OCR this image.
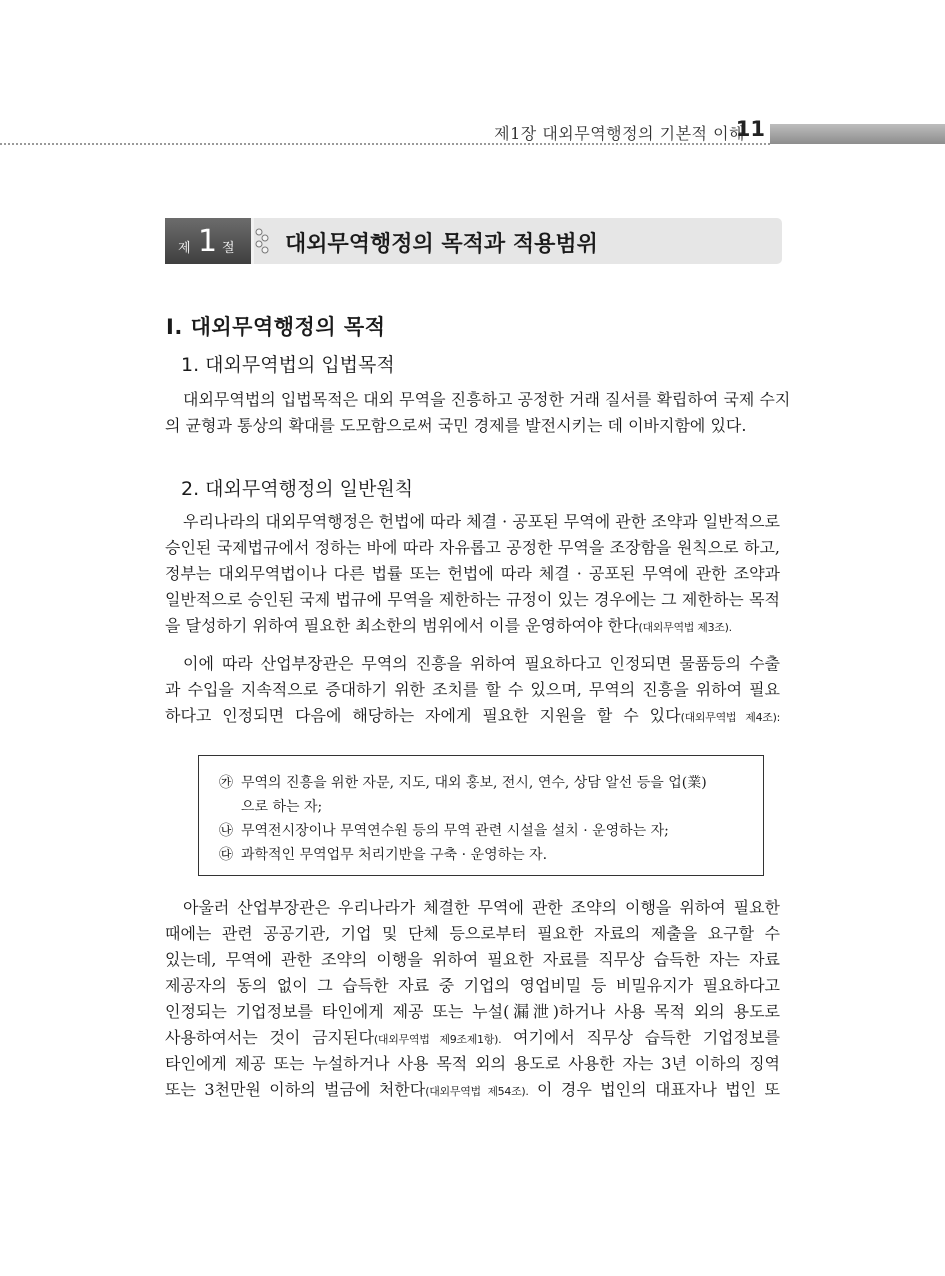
제1장 대외무역행정의 기본적 이해
11
제 1 절 대외무역행정의 목적과 적용범위
Ⅰ. 대외무역행정의 목적
1. 대외무역법의 입법목적
대외무역법의 입법목적은 대외 무역을 진흥하고 공정한 거래 질서를 확립하여 국제 수지
의 균형과 통상의 확대를 도모함으로써 국민 경제를 발전시키는 데 이바지함에 있다.
2. 대외무역행정의 일반원칙
우리나라의 대외무역행정은 헌법에 따라 체결 · 공포된 무역에 관한 조약과 일반적으로
승인된 국제법규에서 정하는 바에 따라 자유롭고 공정한 무역을 조장함을 원칙으로 하고,
정부는 대외무역법이나 다른 법률 또는 헌법에 따라 체결 · 공포된 무역에 관한 조약과
일반적으로 승인된 국제 법규에 무역을 제한하는 규정이 있는 경우에는 그 제한하는 목적
을 달성하기 위하여 필요한 최소한의 범위에서 이를 운영하여야 한다(대외무역법 제3조).
이에 따라 산업부장관은 무역의 진흥을 위하여 필요하다고 인정되면 물품등의 수출
과 수입을 지속적으로 증대하기 위한 조치를 할 수 있으며, 무역의 진흥을 위하여 필요
하다고 인정되면 다음에 해당하는 자에게 필요한 지원을 할 수 있다(대외무역법 제4조):
㉮ 무역의 진흥을 위한 자문, 지도, 대외 홍보, 전시, 연수, 상담 알선 등을 업(業)
으로 하는 자;
㉯ 무역전시장이나 무역연수원 등의 무역 관련 시설을 설치 · 운영하는 자;
㉰ 과학적인 무역업무 처리기반을 구축 · 운영하는 자.
아울러 산업부장관은 우리나라가 체결한 무역에 관한 조약의 이행을 위하여 필요한
때에는 관련 공공기관, 기업 및 단체 등으로부터 필요한 자료의 제출을 요구할 수
있는데, 무역에 관한 조약의 이행을 위하여 필요한 자료를 직무상 습득한 자는 자료
제공자의 동의 없이 그 습득한 자료 중 기업의 영업비밀 등 비밀유지가 필요하다고
인정되는 기업정보를 타인에게 제공 또는 누설(漏泄)하거나 사용 목적 외의 용도로
사용하여서는 것이 금지된다(대외무역법 제9조제1항). 여기에서 직무상 습득한 기업정보를
타인에게 제공 또는 누설하거나 사용 목적 외의 용도로 사용한 자는 3년 이하의 징역
또는 3천만원 이하의 벌금에 처한다(대외무역법 제54조). 이 경우 법인의 대표자나 법인 또
